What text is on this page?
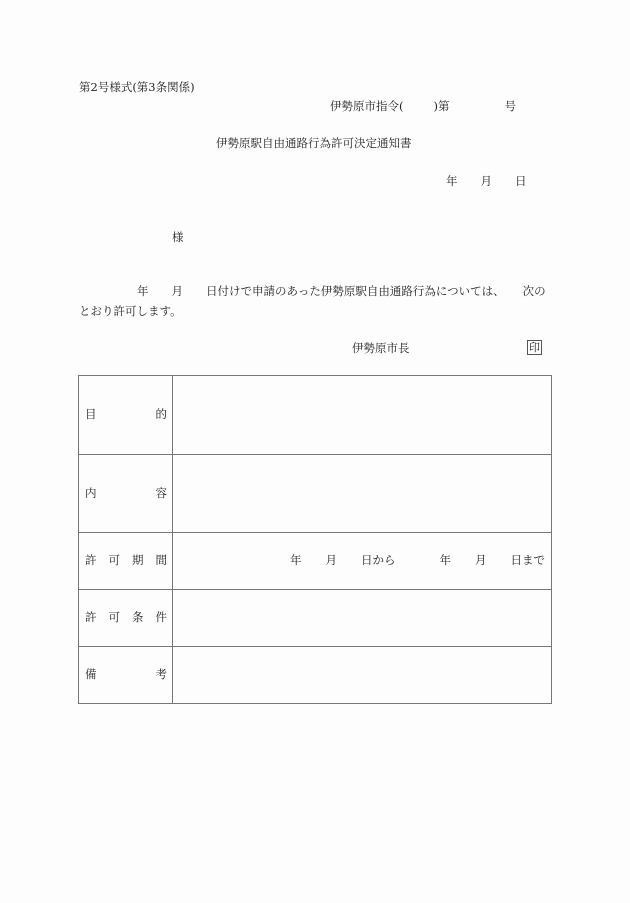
第2号様式(第3条関係)
伊勢原市指令(	)第	号
伊勢原駅自由通路行為許可決定通知書
年 月 日
様
年 月 日付けで申請のあった伊勢原駅自由通路行為については、 次の
とおり許可します。
伊勢原市長	印
目 的	

内 容	

許 可 期 間	年 月 日から	年 月 日まで

許 可 条 件	

備 考	
